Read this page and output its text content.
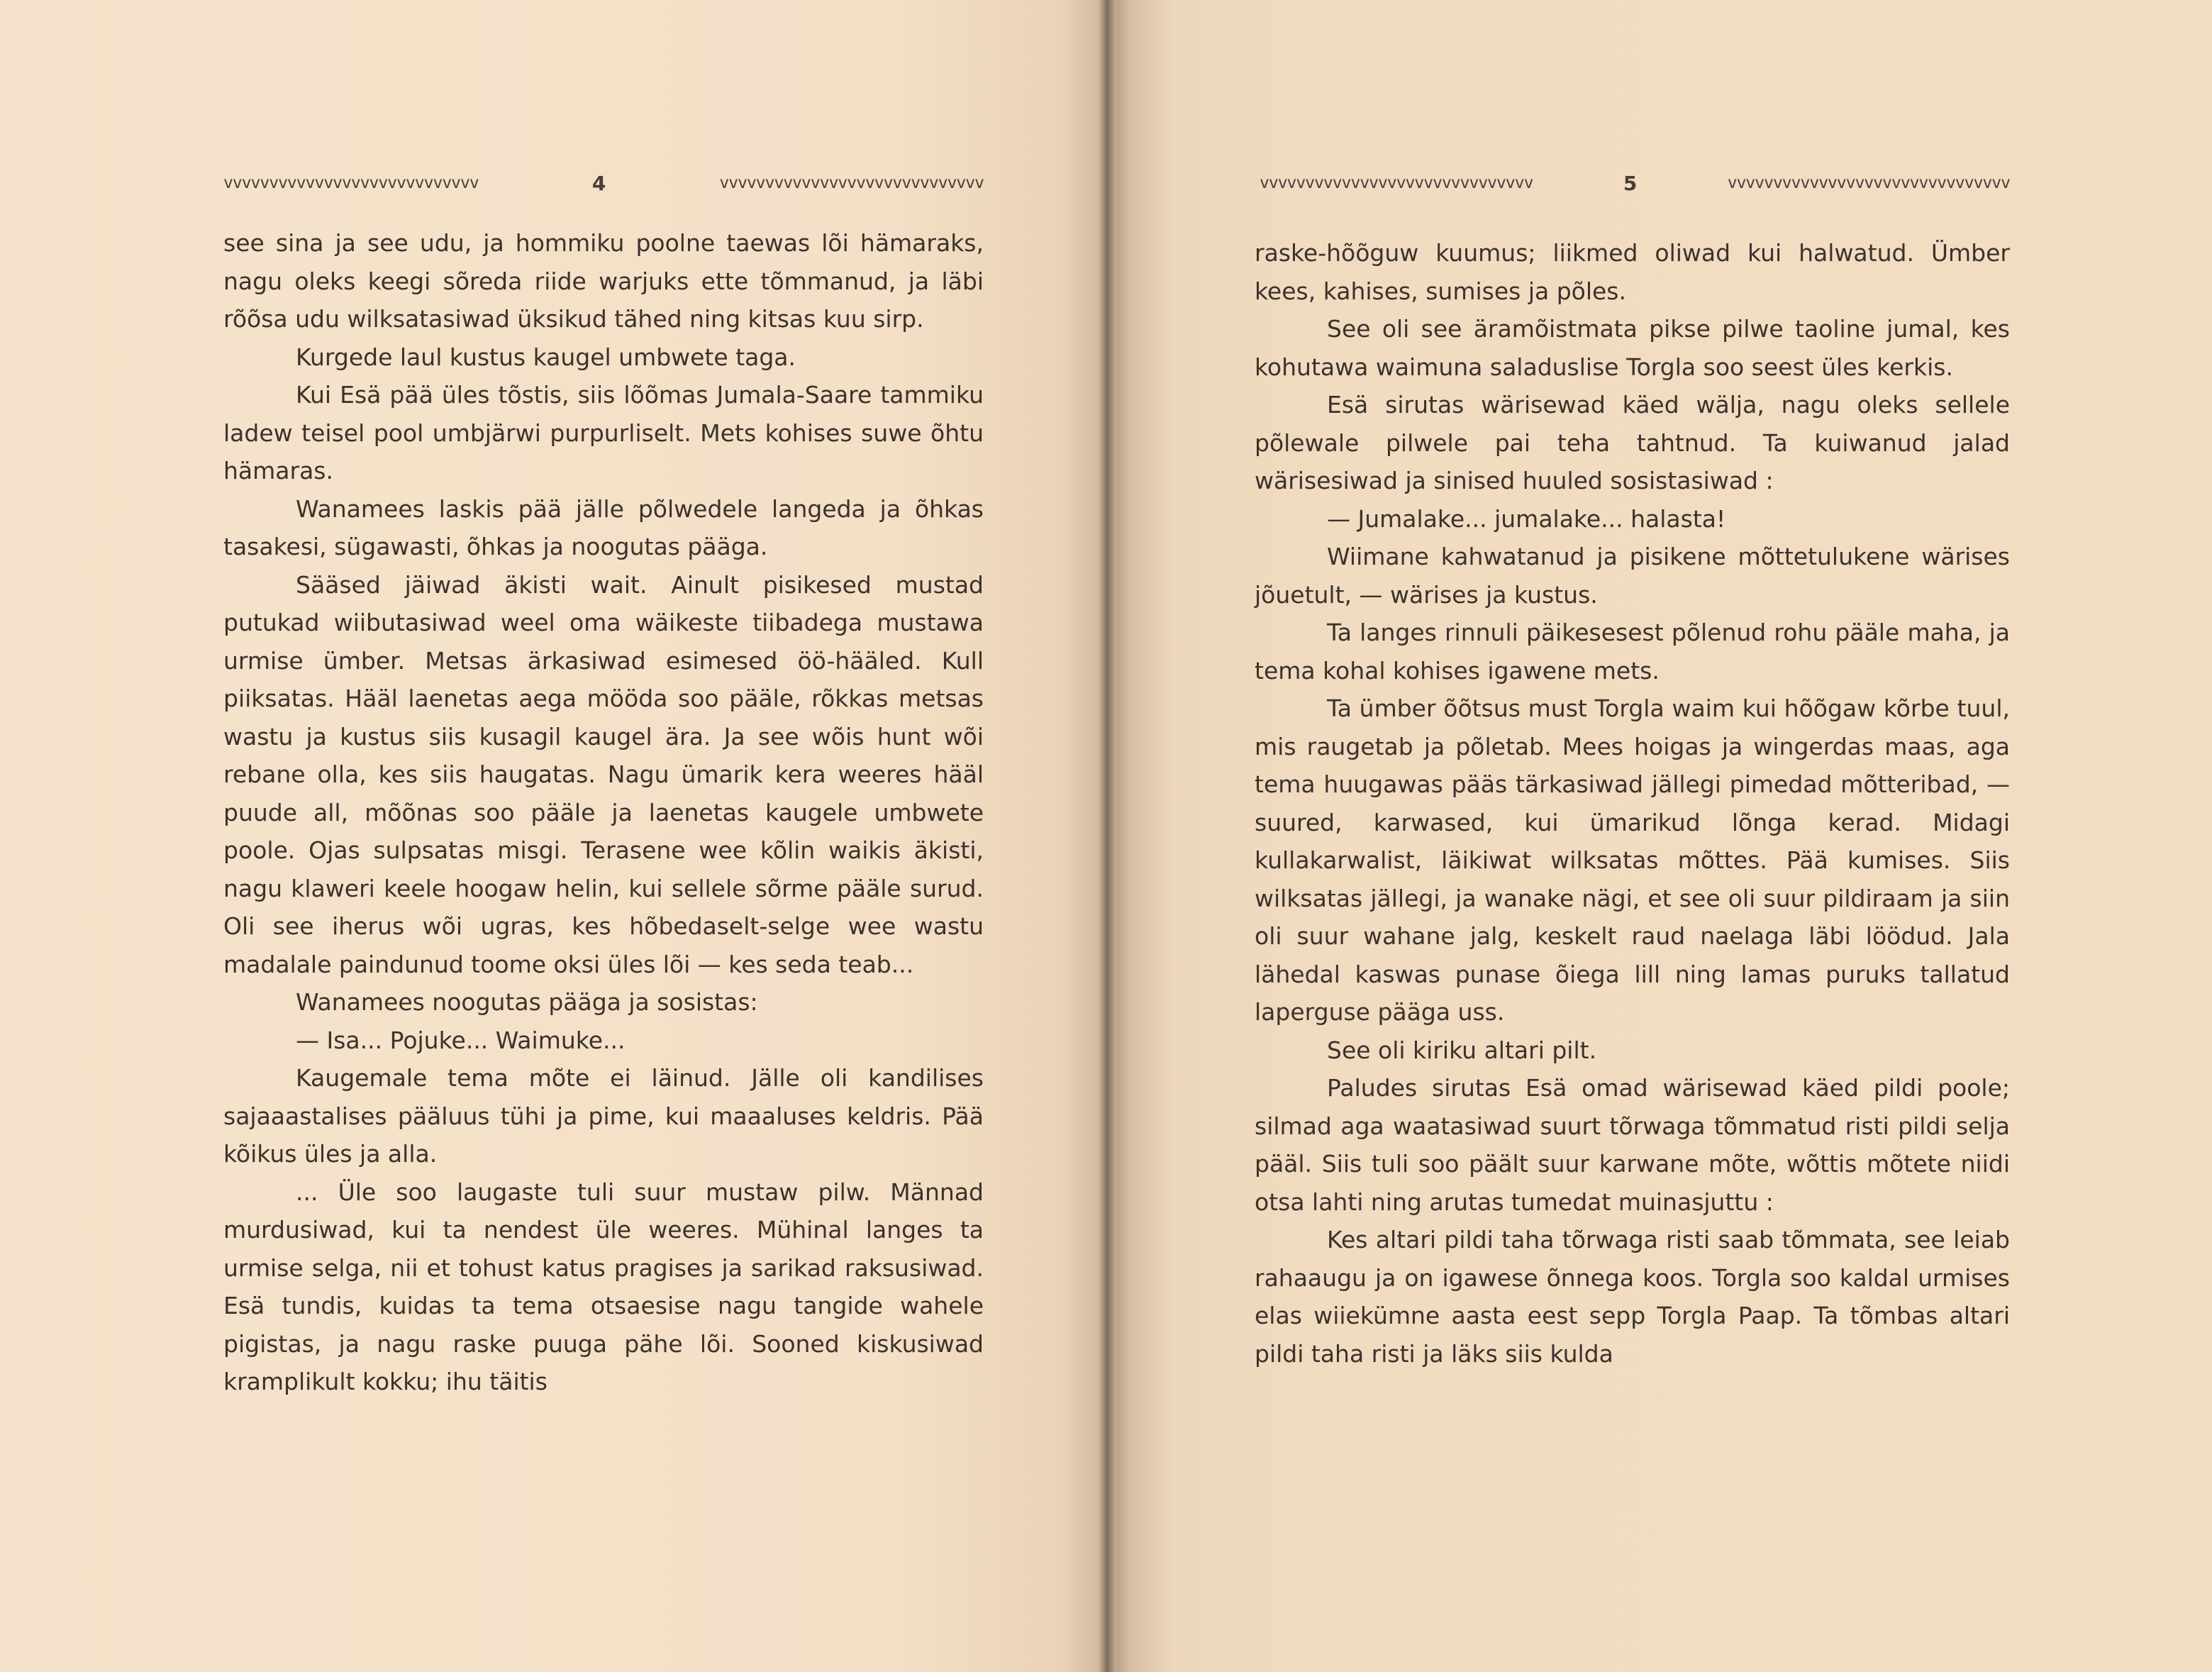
vvvvvvvvvvvvvvvvvvvvvvvvvvvv	4	vvvvvvvvvvvvvvvvvvvvvvvvvvvvv

see sina ja see udu, ja hommiku poolne taewas lõi hämaraks, nagu oleks keegi sõreda riide warjuks ette tõmmanud, ja läbi rõõsa udu wilksatasiwad üksikud tähed ning kitsas kuu sirp.

Kurgede laul kustus kaugel umbwete taga.

Kui Esä pää üles tõstis, siis lõõmas Jumala-Saare tammiku ladew teisel pool umbjärwi purpurliselt. Mets kohises suwe õhtu hämaras.

Wanamees laskis pää jälle põlwedele langeda ja õhkas tasakesi, sügawasti, õhkas ja noogutas pääga.

Sääsed jäiwad äkisti wait. Ainult pisikesed mustad putukad wiibutasiwad weel oma wäikeste tiibadega mustawa urmise ümber. Metsas ärkasiwad esimesed öö-hääled. Kull piiksatas. Hääl laenetas aega mööda soo pääle, rõkkas metsas wastu ja kustus siis kusagil kaugel ära. Ja see wõis hunt wõi rebane olla, kes siis haugatas. Nagu ümarik kera weeres hääl puude all, mõõnas soo pääle ja laenetas kaugele umbwete poole. Ojas sulpsatas misgi. Terasene wee kõlin waikis äkisti, nagu klaweri keele hoogaw helin, kui sellele sõrme pääle surud. Oli see iherus wõi ugras, kes hõbedaselt-selge wee wastu madalale paindunud toome oksi üles lõi — kes seda teab...

Wanamees noogutas pääga ja sosistas:

— Isa... Pojuke... Waimuke...

Kaugemale tema mõte ei läinud. Jälle oli kandilises sajaaastalises pääluus tühi ja pime, kui maaaluses keldris. Pää kõikus üles ja alla.

... Üle soo laugaste tuli suur mustaw pilw. Männad murdusiwad, kui ta nendest üle weeres. Mühinal langes ta urmise selga, nii et tohust katus pragises ja sarikad raksusiwad. Esä tundis, kuidas ta tema otsaesise nagu tangide wahele pigistas, ja nagu raske puuga pähe lõi. Sooned kiskusiwad kramplikult kokku; ihu täitis

vvvvvvvvvvvvvvvvvvvvvvvvvvvvvv	5	vvvvvvvvvvvvvvvvvvvvvvvvvvvvvvv

raske-hõõguw kuumus; liikmed oliwad kui halwatud. Ümber kees, kahises, sumises ja põles.

See oli see äramõistmata pikse pilwe taoline jumal, kes kohutawa waimuna saladuslise Torgla soo seest üles kerkis.

Esä sirutas wärisewad käed wälja, nagu oleks sellele põlewale pilwele pai teha tahtnud. Ta kuiwanud jalad wärisesiwad ja sinised huuled sosistasiwad :

— Jumalake... jumalake... halasta!

Wiimane kahwatanud ja pisikene mõttetulukene wärises jõuetult, — wärises ja kustus.

Ta langes rinnuli päikesesest põlenud rohu pääle maha, ja tema kohal kohises igawene mets.

Ta ümber õõtsus must Torgla waim kui hõõgaw kõrbe tuul, mis raugetab ja põletab. Mees hoigas ja wingerdas maas, aga tema huugawas pääs tärkasiwad jällegi pimedad mõtteribad, — suured, karwased, kui ümarikud lõnga kerad. Midagi kullakarwalist, läikiwat wilksatas mõttes. Pää kumises. Siis wilksatas jällegi, ja wanake nägi, et see oli suur pildiraam ja siin oli suur wahane jalg, keskelt raud naelaga läbi löödud. Jala lähedal kaswas punase õiega lill ning lamas puruks tallatud laperguse pääga uss.

See oli kiriku altari pilt.

Paludes sirutas Esä omad wärisewad käed pildi poole; silmad aga waatasiwad suurt tõrwaga tõmmatud risti pildi selja pääl. Siis tuli soo päält suur karwane mõte, wõttis mõtete niidi otsa lahti ning arutas tumedat muinasjuttu :

Kes altari pildi taha tõrwaga risti saab tõmmata, see leiab rahaaugu ja on igawese õnnega koos. Torgla soo kaldal urmises elas wiiekümne aasta eest sepp Torgla Paap. Ta tõmbas altari pildi taha risti ja läks siis kulda
